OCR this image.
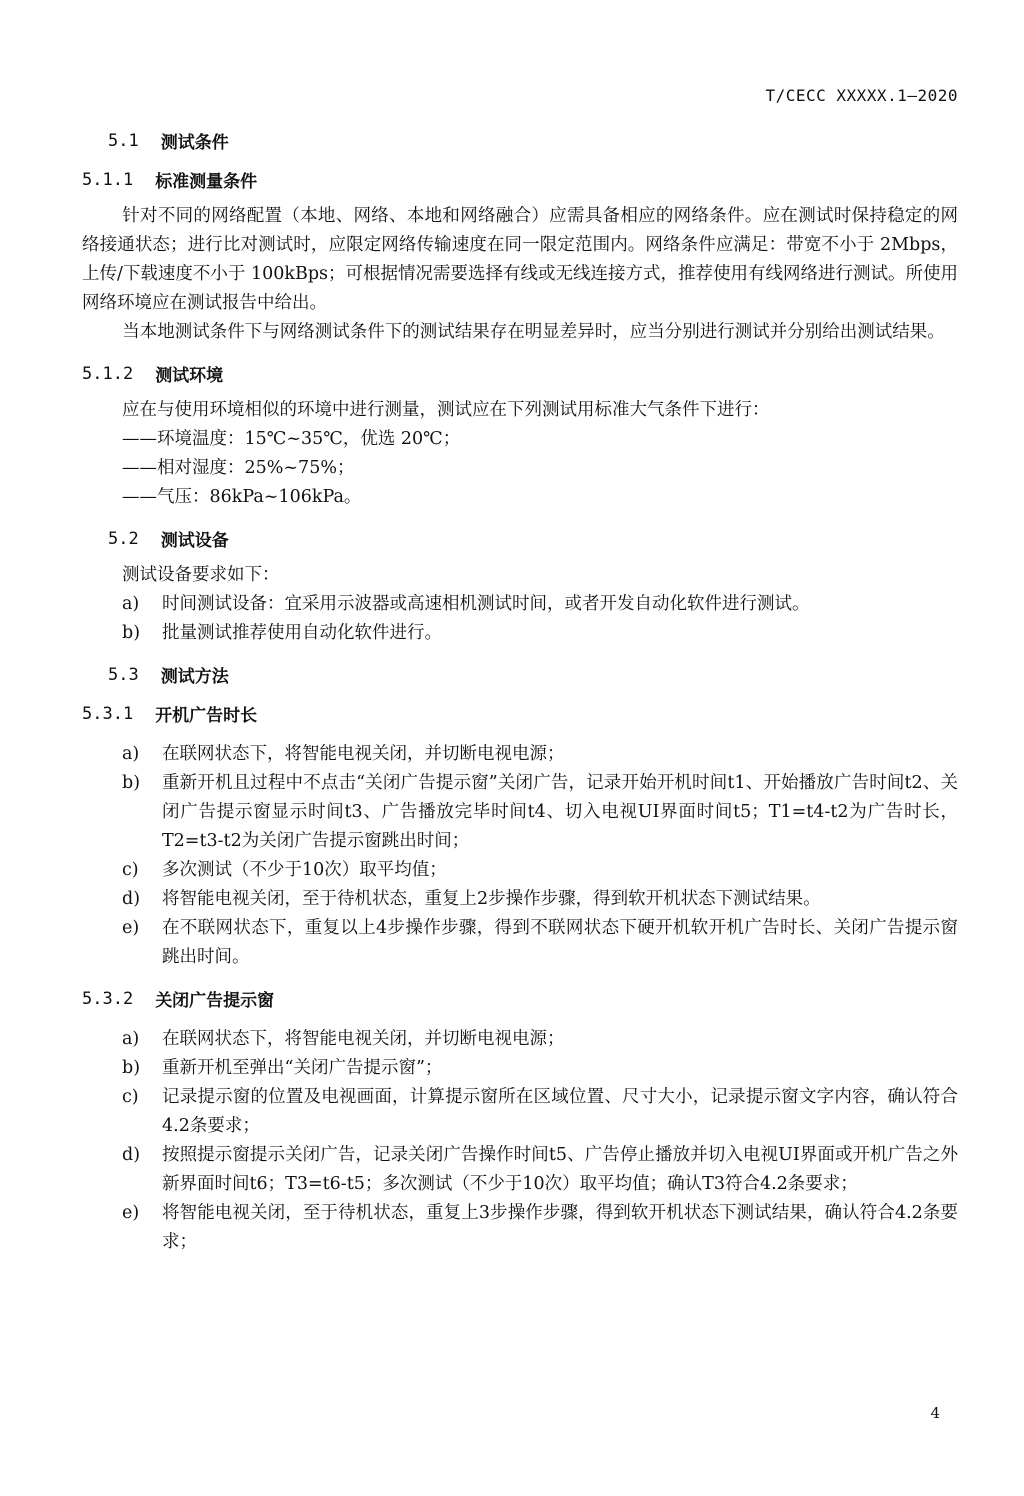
T/CECC XXXXX.1—2020
5.1 测试条件
5.1.1 标准测量条件
针对不同的网络配置（本地、网络、本地和网络融合）应需具备相应的网络条件。应在测试时保持稳定的网络接通状态；进行比对测试时，应限定网络传输速度在同一限定范围内。网络条件应满足：带宽不小于 2Mbps，上传/下载速度不小于 100kBps；可根据情况需要选择有线或无线连接方式，推荐使用有线网络进行测试。所使用网络环境应在测试报告中给出。
当本地测试条件下与网络测试条件下的测试结果存在明显差异时，应当分别进行测试并分别给出测试结果。
5.1.2 测试环境
应在与使用环境相似的环境中进行测量，测试应在下列测试用标准大气条件下进行：
——环境温度：15℃~35℃，优选 20℃；
——相对湿度：25%~75%；
——气压：86kPa~106kPa。
5.2 测试设备
测试设备要求如下：
a)	时间测试设备：宜采用示波器或高速相机测试时间，或者开发自动化软件进行测试。
b)	批量测试推荐使用自动化软件进行。
5.3 测试方法
5.3.1 开机广告时长
a)	在联网状态下，将智能电视关闭，并切断电视电源；
b)	重新开机且过程中不点击“关闭广告提示窗”关闭广告，记录开始开机时间t1、开始播放广告时间t2、关闭广告提示窗显示时间t3、广告播放完毕时间t4、切入电视UI界面时间t5；T1=t4-t2为广告时长，T2=t3-t2为关闭广告提示窗跳出时间；
c)	多次测试（不少于10次）取平均值；
d)	将智能电视关闭，至于待机状态，重复上2步操作步骤，得到软开机状态下测试结果。
e)	在不联网状态下，重复以上4步操作步骤，得到不联网状态下硬开机软开机广告时长、关闭广告提示窗跳出时间。
5.3.2 关闭广告提示窗
a)	在联网状态下，将智能电视关闭，并切断电视电源；
b)	重新开机至弹出“关闭广告提示窗”；
c)	记录提示窗的位置及电视画面，计算提示窗所在区域位置、尺寸大小，记录提示窗文字内容，确认符合4.2条要求；
d)	按照提示窗提示关闭广告，记录关闭广告操作时间t5、广告停止播放并切入电视UI界面或开机广告之外新界面时间t6；T3=t6-t5；多次测试（不少于10次）取平均值；确认T3符合4.2条要求；
e)	将智能电视关闭，至于待机状态，重复上3步操作步骤，得到软开机状态下测试结果，确认符合4.2条要求；
4
